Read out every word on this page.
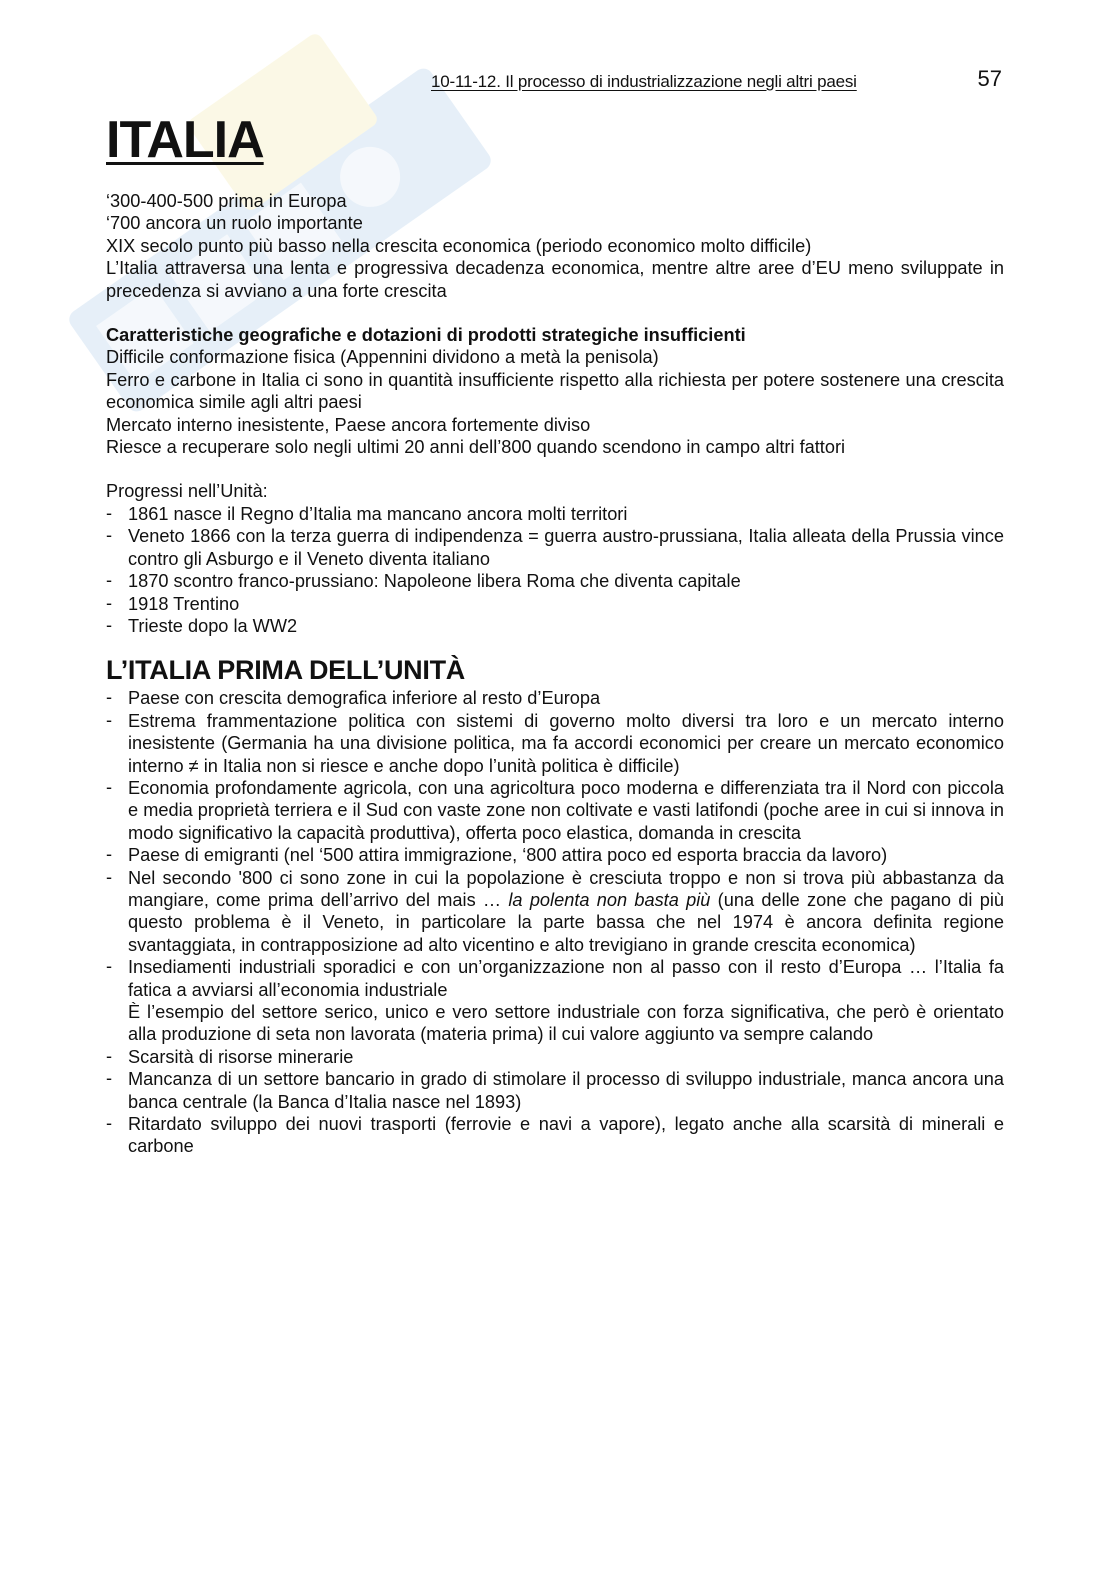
10-11-12. Il processo di industrializzazione negli altri paesi	57
ITALIA

‘300-400-500 prima in Europa

‘700 ancora un ruolo importante

XIX secolo punto più basso nella crescita economica (periodo economico molto difficile)

L’Italia attraversa una lenta e progressiva decadenza economica, mentre altre aree d’EU meno sviluppate in precedenza si avviano a una forte crescita

Caratteristiche geografiche e dotazioni di prodotti strategiche insufficienti

Difficile conformazione fisica (Appennini dividono a metà la penisola)

Ferro e carbone in Italia ci sono in quantità insufficiente rispetto alla richiesta per potere sostenere una crescita economica simile agli altri paesi

Mercato interno inesistente, Paese ancora fortemente diviso

Riesce a recuperare solo negli ultimi 20 anni dell’800 quando scendono in campo altri fattori

Progressi nell’Unità:

- 1861 nasce il Regno d’Italia ma mancano ancora molti territori
- Veneto 1866 con la terza guerra di indipendenza = guerra austro-prussiana, Italia alleata della Prussia vince contro gli Asburgo e il Veneto diventa italiano
- 1870 scontro franco-prussiano: Napoleone libera Roma che diventa capitale
- 1918 Trentino
- Trieste dopo la WW2
L’ITALIA PRIMA DELL’UNITÀ
- Paese con crescita demografica inferiore al resto d’Europa
- Estrema frammentazione politica con sistemi di governo molto diversi tra loro e un mercato interno inesistente (Germania ha una divisione politica, ma fa accordi economici per creare un mercato economico interno ≠ in Italia non si riesce e anche dopo l’unità politica è difficile)
- Economia profondamente agricola, con una agricoltura poco moderna e differenziata tra il Nord con piccola e media proprietà terriera e il Sud con vaste zone non coltivate e vasti latifondi (poche aree in cui si innova in modo significativo la capacità produttiva), offerta poco elastica, domanda in crescita
- Paese di emigranti (nel ‘500 attira immigrazione, ‘800 attira poco ed esporta braccia da lavoro)
- Nel secondo '800 ci sono zone in cui la popolazione è cresciuta troppo e non si trova più abbastanza da mangiare, come prima dell’arrivo del mais … la polenta non basta più (una delle zone che pagano di più questo problema è il Veneto, in particolare la parte bassa che nel 1974 è ancora definita regione svantaggiata, in contrapposizione ad alto vicentino e alto trevigiano in grande crescita economica)
- Insediamenti industriali sporadici e con un’organizzazione non al passo con il resto d’Europa … l’Italia fa fatica a avviarsi all’economia industriale
È l’esempio del settore serico, unico e vero settore industriale con forza significativa, che però è orientato alla produzione di seta non lavorata (materia prima) il cui valore aggiunto va sempre calando
- Scarsità di risorse minerarie
- Mancanza di un settore bancario in grado di stimolare il processo di sviluppo industriale, manca ancora una banca centrale (la Banca d’Italia nasce nel 1893)
- Ritardato sviluppo dei nuovi trasporti (ferrovie e navi a vapore), legato anche alla scarsità di minerali e carbone
